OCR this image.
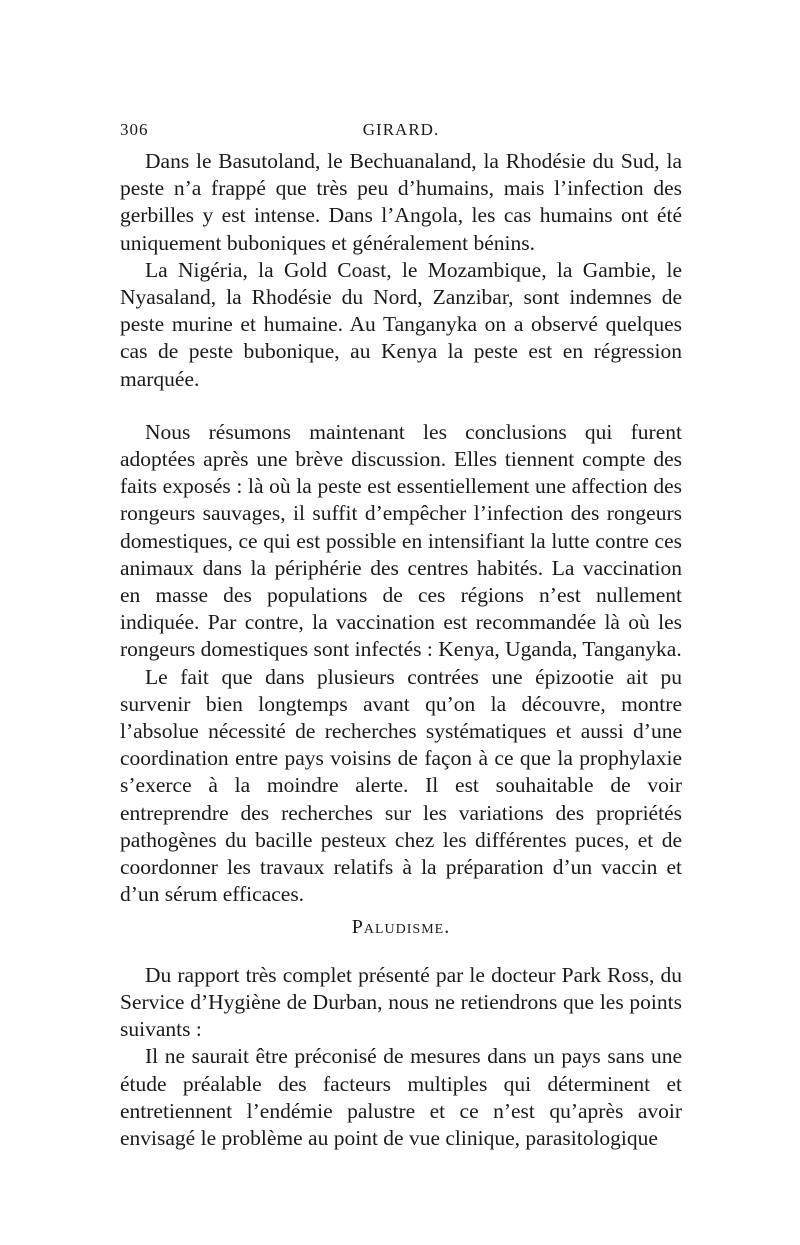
306	GIRARD.

Dans le Basutoland, le Bechuanaland, la Rhodésie du Sud, la peste n’a frappé que très peu d’humains, mais l’infection des gerbilles y est intense. Dans l’Angola, les cas humains ont été uniquement buboniques et généralement bénins.

La Nigéria, la Gold Coast, le Mozambique, la Gambie, le Nyasaland, la Rhodésie du Nord, Zanzibar, sont indemnes de peste murine et humaine. Au Tanganyka on a observé quelques cas de peste bubonique, au Kenya la peste est en régression marquée.

Nous résumons maintenant les conclusions qui furent adoptées après une brève discussion. Elles tiennent compte des faits exposés : là où la peste est essentiellement une affection des rongeurs sauvages, il suffit d’empêcher l’infection des rongeurs domestiques, ce qui est possible en intensifiant la lutte contre ces animaux dans la périphérie des centres habités. La vaccination en masse des populations de ces régions n’est nullement indiquée. Par contre, la vaccination est recommandée là où les rongeurs domestiques sont infectés : Kenya, Uganda, Tanganyka.

Le fait que dans plusieurs contrées une épizootie ait pu survenir bien longtemps avant qu’on la découvre, montre l’absolue nécessité de recherches systématiques et aussi d’une coordination entre pays voisins de façon à ce que la prophylaxie s’exerce à la moindre alerte. Il est souhaitable de voir entreprendre des recherches sur les variations des propriétés pathogènes du bacille pesteux chez les différentes puces, et de coordonner les travaux relatifs à la préparation d’un vaccin et d’un sérum efficaces.

Paludisme.

Du rapport très complet présenté par le docteur Park Ross, du Service d’Hygiène de Durban, nous ne retiendrons que les points suivants :

Il ne saurait être préconisé de mesures dans un pays sans une étude préalable des facteurs multiples qui déterminent et entretiennent l’endémie palustre et ce n’est qu’après avoir envisagé le problème au point de vue clinique, parasitologique
